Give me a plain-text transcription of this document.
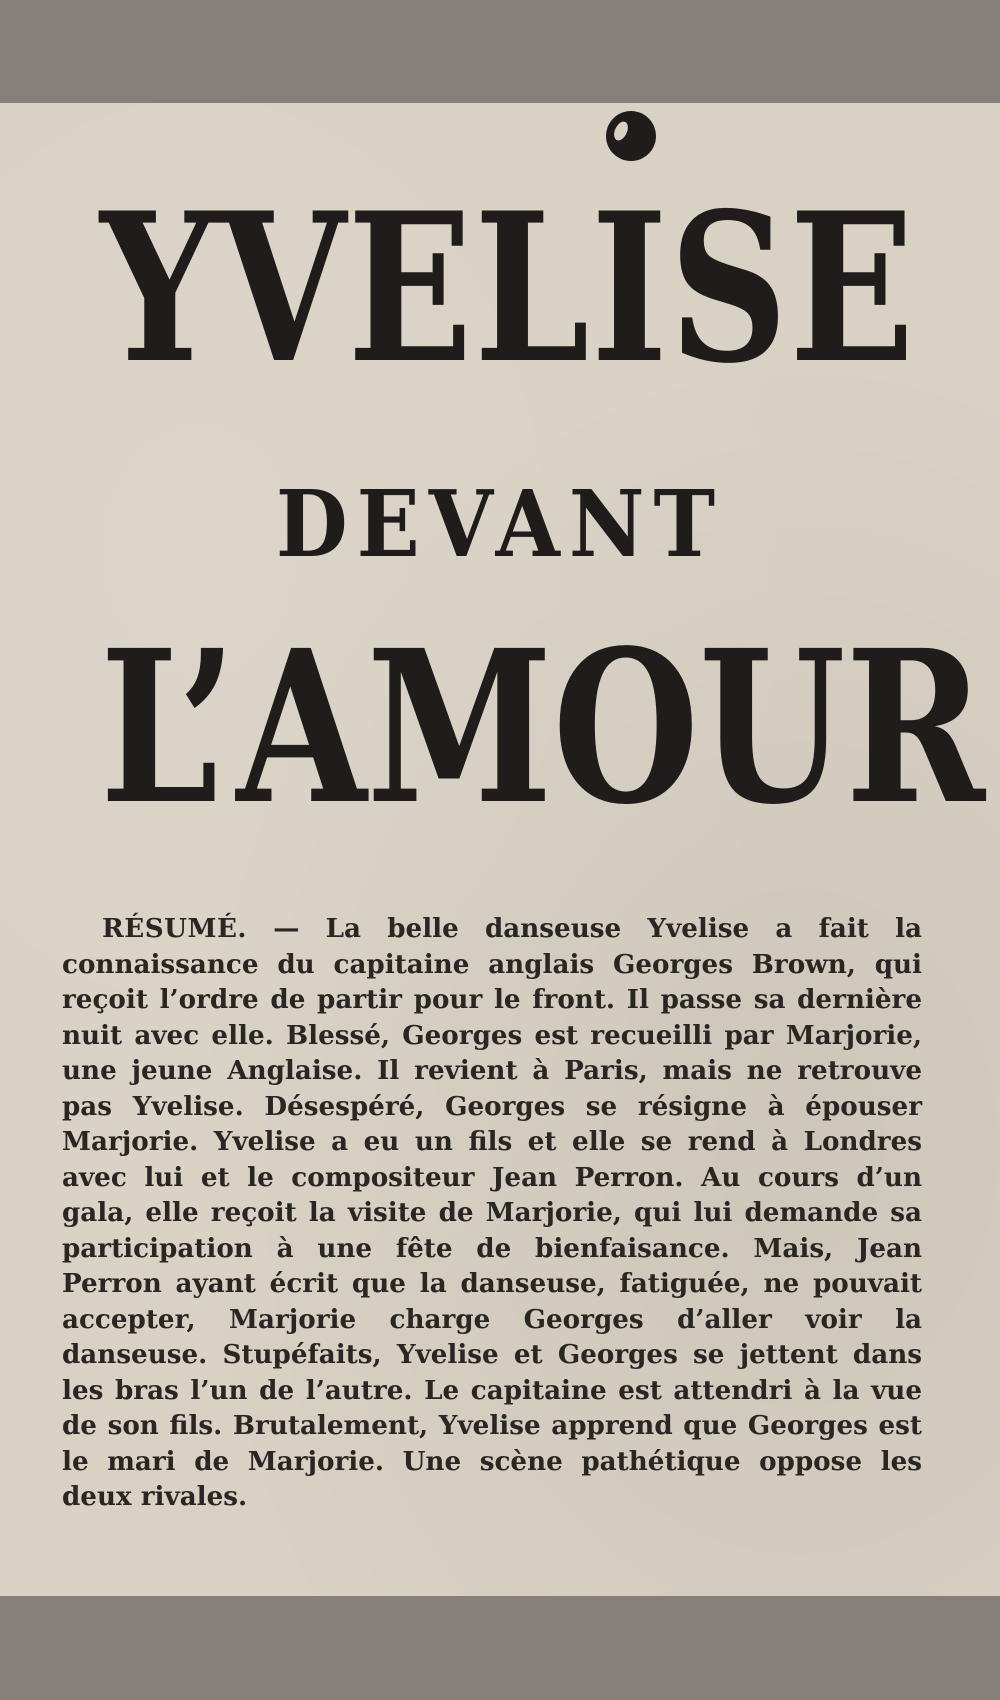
YVELISE
DEVANT
L’AMOUR

RÉSUMÉ. — La belle danseuse Yvelise a fait la connaissance du capitaine anglais Georges Brown, qui reçoit l’ordre de partir pour le front. Il passe sa dernière nuit avec elle. Blessé, Georges est recueilli par Marjorie, une jeune Anglaise. Il revient à Paris, mais ne retrouve pas Yvelise. Désespéré, Georges se résigne à épouser Marjorie. Yvelise a eu un fils et elle se rend à Londres avec lui et le compositeur Jean Perron. Au cours d’un gala, elle reçoit la visite de Marjorie, qui lui demande sa participation à une fête de bienfaisance. Mais, Jean Perron ayant écrit que la danseuse, fatiguée, ne pouvait accepter, Marjorie charge Georges d’aller voir la danseuse. Stupéfaits, Yvelise et Georges se jettent dans les bras l’un de l’autre. Le capitaine est attendri à la vue de son fils. Brutalement, Yvelise apprend que Georges est le mari de Marjorie. Une scène pathétique oppose les deux rivales.
